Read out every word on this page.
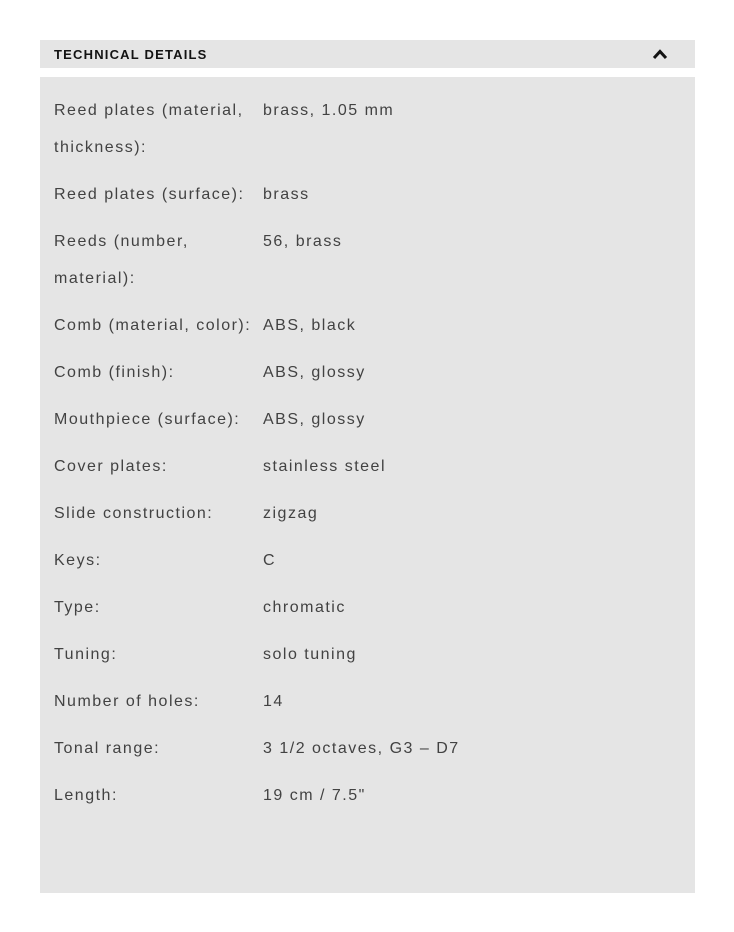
TECHNICAL DETAILS
Reed plates (material, thickness):
brass, 1.05 mm
Reed plates (surface):	brass
Reeds (number, material):
56, brass
Comb (material, color): ABS, black
Comb (finish):	ABS, glossy
Mouthpiece (surface):	ABS, glossy
Cover plates:	stainless steel
Slide construction:	zigzag
Keys:	C
Type:	chromatic
Tuning:	solo tuning
Number of holes:	14
Tonal range:	3 1/2 octaves, G3 – D7
Length:	19 cm / 7.5"
